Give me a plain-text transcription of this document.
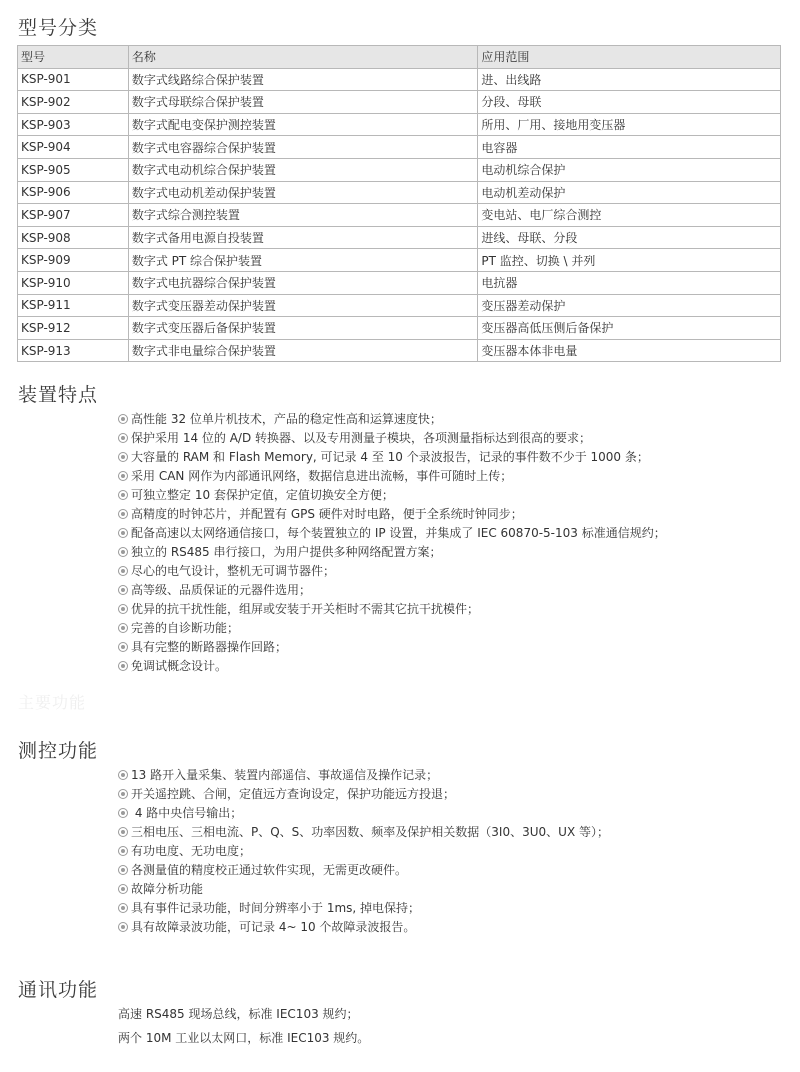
型号分类
型号	名称	应用范围
KSP-901	数字式线路综合保护装置	进、出线路
KSP-902	数字式母联综合保护装置	分段、母联
KSP-903	数字式配电变保护测控装置	所用、厂用、接地用变压器
KSP-904	数字式电容器综合保护装置	电容器
KSP-905	数字式电动机综合保护装置	电动机综合保护
KSP-906	数字式电动机差动保护装置	电动机差动保护
KSP-907	数字式综合测控装置	变电站、电厂综合测控
KSP-908	数字式备用电源自投装置	进线、母联、分段
KSP-909	数字式 PT 综合保护装置	PT 监控、切换 \ 并列
KSP-910	数字式电抗器综合保护装置	电抗器
KSP-911	数字式变压器差动保护装置	变压器差动保护
KSP-912	数字式变压器后备保护装置	变压器高低压侧后备保护
KSP-913	数字式非电量综合保护装置	变压器本体非电量
装置特点
高性能 32 位单片机技术，产品的稳定性高和运算速度快；
保护采用 14 位的 A/D 转换器、以及专用测量子模块，各项测量指标达到很高的要求；
大容量的 RAM 和 Flash Memory, 可记录 4 至 10 个录波报告，记录的事件数不少于 1000 条；
采用 CAN 网作为内部通讯网络，数据信息进出流畅，事件可随时上传；
可独立整定 10 套保护定值，定值切换安全方便；
高精度的时钟芯片，并配置有 GPS 硬件对时电路，便于全系统时钟同步；
配备高速以太网络通信接口，每个装置独立的 IP 设置，并集成了 IEC 60870-5-103 标准通信规约；
独立的 RS485 串行接口，为用户提供多种网络配置方案；
尽心的电气设计，整机无可调节器件；
高等级、品质保证的元器件选用；
优异的抗干扰性能，组屏或安装于开关柜时不需其它抗干扰模件；
完善的自诊断功能；
具有完整的断路器操作回路；
免调试概念设计。
主要功能
测控功能
13 路开入量采集、装置内部遥信、事故遥信及操作记录；
开关遥控跳、合闸，定值远方查询设定，保护功能远方投退；
4 路中央信号输出；
三相电压、三相电流、P、Q、S、功率因数、频率及保护相关数据（3I0、3U0、UX 等）；
有功电度、无功电度；
各测量值的精度校正通过软件实现，无需更改硬件。
故障分析功能
具有事件记录功能，时间分辨率小于 1ms, 掉电保持；
具有故障录波功能，可记录 4~ 10 个故障录波报告。
通讯功能

高速 RS485 现场总线，标准 IEC103 规约；

两个 10M 工业以太网口，标准 IEC103 规约。
